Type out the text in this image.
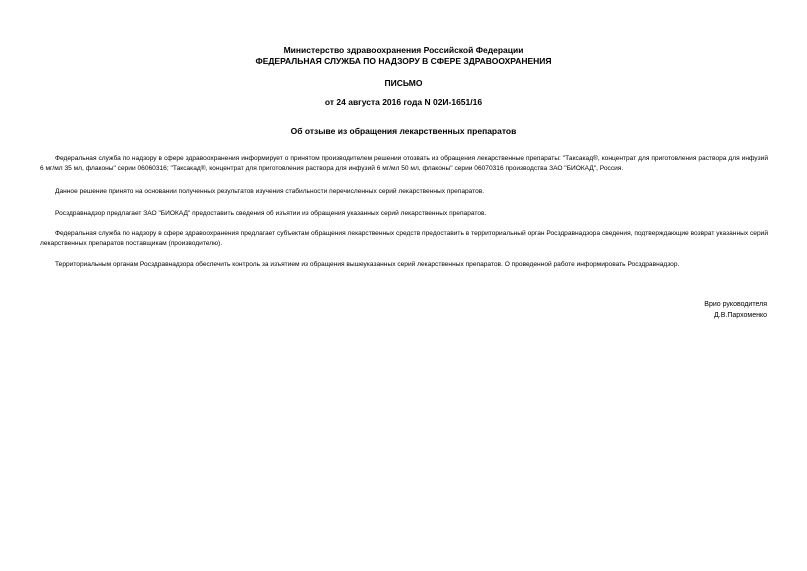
Министерство здравоохранения Российской Федерации
ФЕДЕРАЛЬНАЯ СЛУЖБА ПО НАДЗОРУ В СФЕРЕ ЗДРАВООХРАНЕНИЯ
ПИСЬМО
от 24 августа 2016 года N 02И-1651/16
Об отзыве из обращения лекарственных препаратов
Федеральная служба по надзору в сфере здравоохранения информирует о принятом производителем решении отозвать из обращения лекарственные препараты: "Таксакад®, концентрат для приготовления раствора для инфузий 6 мг/мл 35 мл, флаконы" серии 06060316; "Таксакад®, концентрат для приготовления раствора для инфузий 6 мг/мл 50 мл, флаконы" серии 06070316 производства ЗАО "БИОКАД", Россия.
Данное решение принято на основании полученных результатов изучения стабильности перечисленных серий лекарственных препаратов.
Росздравнадзор предлагает ЗАО "БИОКАД" предоставить сведения об изъятии из обращения указанных серий лекарственных препаратов.
Федеральная служба по надзору в сфере здравоохранения предлагает субъектам обращения лекарственных средств предоставить в территориальный орган Росздравнадзора сведения, подтверждающие возврат указанных серий лекарственных препаратов поставщикам (производителю).
Территориальным органам Росздравнадзора обеспечить контроль за изъятием из обращения вышеуказанных серий лекарственных препаратов. О проведенной работе информировать Росздравнадзор.
Врио руководителя
Д.В.Пархоменко
